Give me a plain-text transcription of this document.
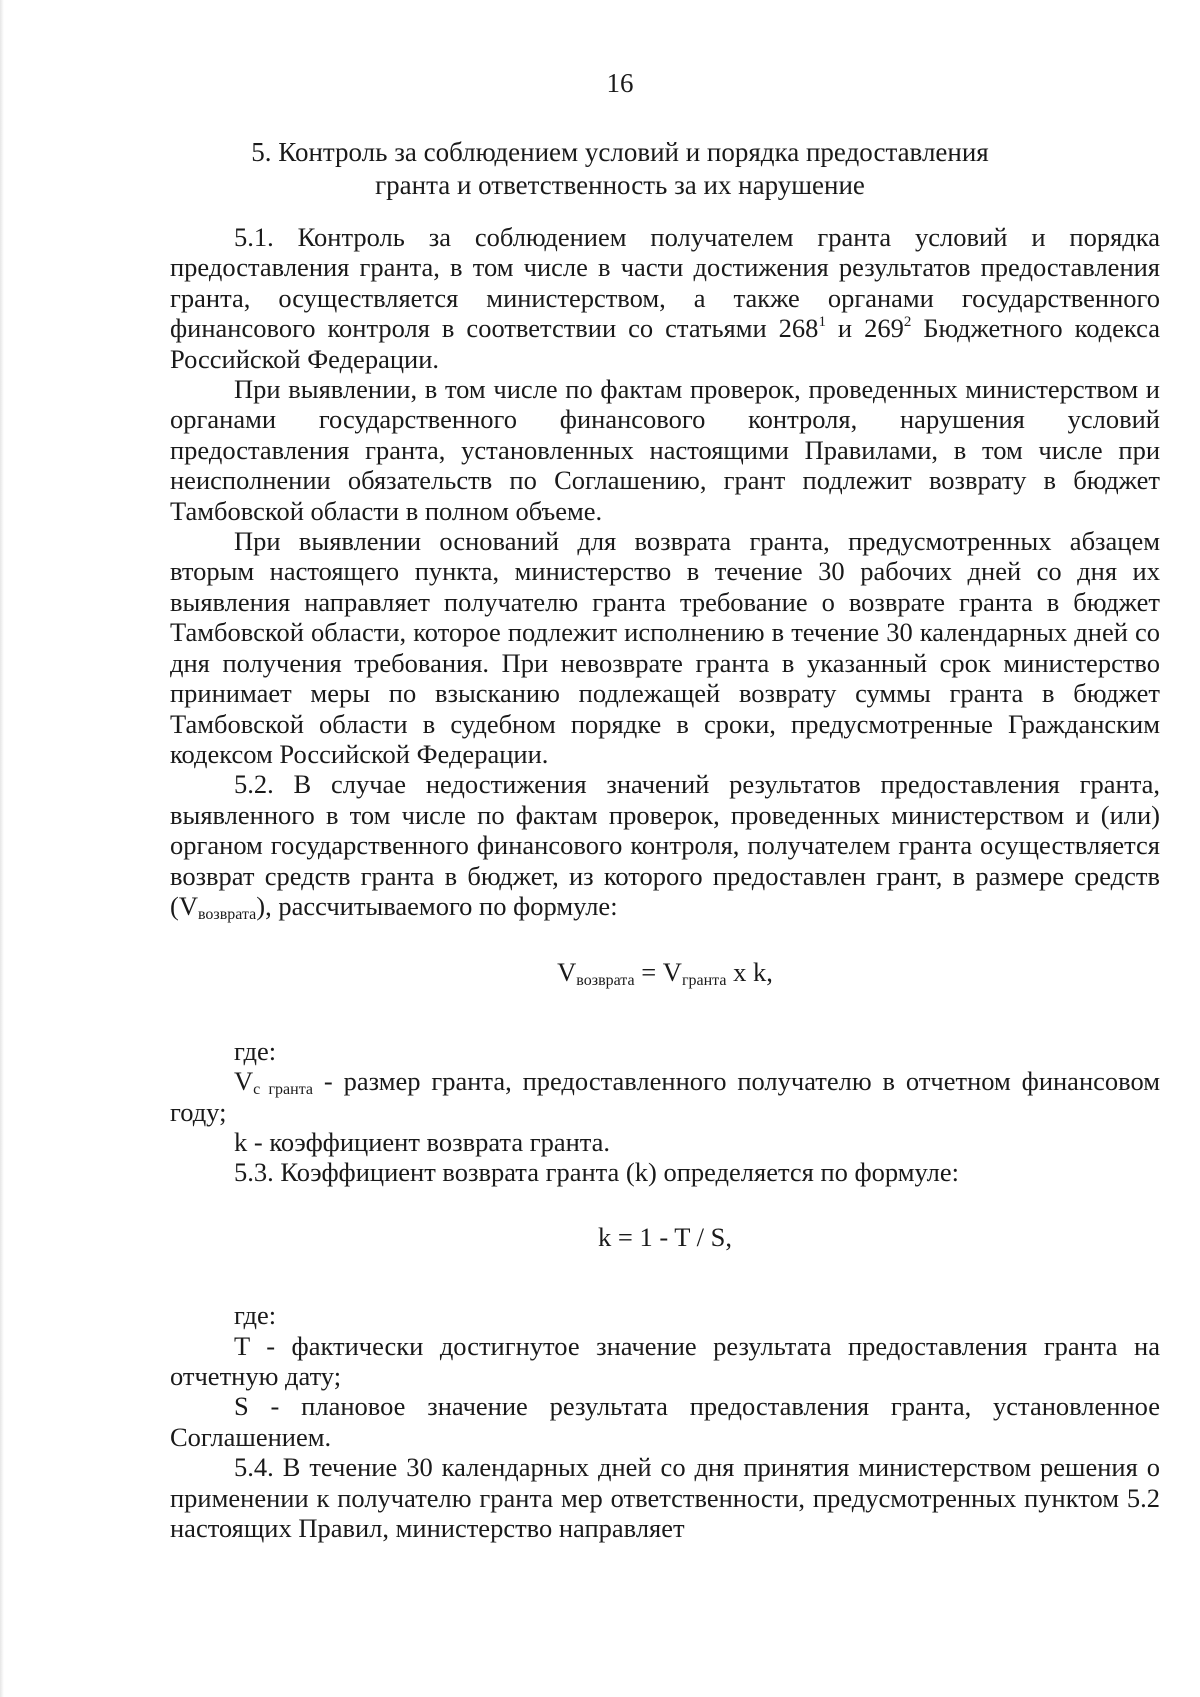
16
5. Контроль за соблюдением условий и порядка предоставления
гранта и ответственность за их нарушение

5.1. Контроль за соблюдением получателем гранта условий и порядка предоставления гранта, в том числе в части достижения результатов предоставления гранта, осуществляется министерством, а также органами государственного финансового контроля в соответствии со статьями $268^1$ и $269^2$ Бюджетного кодекса Российской Федерации.

При выявлении, в том числе по фактам проверок, проведенных министерством и органами государственного финансового контроля, нарушения условий предоставления гранта, установленных настоящими Правилами, в том числе при неисполнении обязательств по Соглашению, грант подлежит возврату в бюджет Тамбовской области в полном объеме.

При выявлении оснований для возврата гранта, предусмотренных абзацем вторым настоящего пункта, министерство в течение 30 рабочих дней со дня их выявления направляет получателю гранта требование о возврате гранта в бюджет Тамбовской области, которое подлежит исполнению в течение 30 календарных дней со дня получения требования. При невозврате гранта в указанный срок министерство принимает меры по взысканию подлежащей возврату суммы гранта в бюджет Тамбовской области в судебном порядке в сроки, предусмотренные Гражданским кодексом Российской Федерации.

5.2. В случае недостижения значений результатов предоставления гранта, выявленного в том числе по фактам проверок, проведенных министерством и (или) органом государственного финансового контроля, получателем гранта осуществляется возврат средств гранта в бюджет, из которого предоставлен грант, в размере средств $(V_{возврата})$, рассчитываемого по формуле:

$V_{возврата} = V_{гранта}$ x k,

где:

$V_{с гранта}$ - размер гранта, предоставленного получателю в отчетном финансовом году;

k - коэффициент возврата гранта.

5.3. Коэффициент возврата гранта (k) определяется по формуле:

k = 1 - T / S,

где:

T - фактически достигнутое значение результата предоставления гранта на отчетную дату;

S - плановое значение результата предоставления гранта, установленное Соглашением.

5.4. В течение 30 календарных дней со дня принятия министерством решения о применении к получателю гранта мер ответственности, предусмотренных пунктом 5.2 настоящих Правил, министерство направляет
